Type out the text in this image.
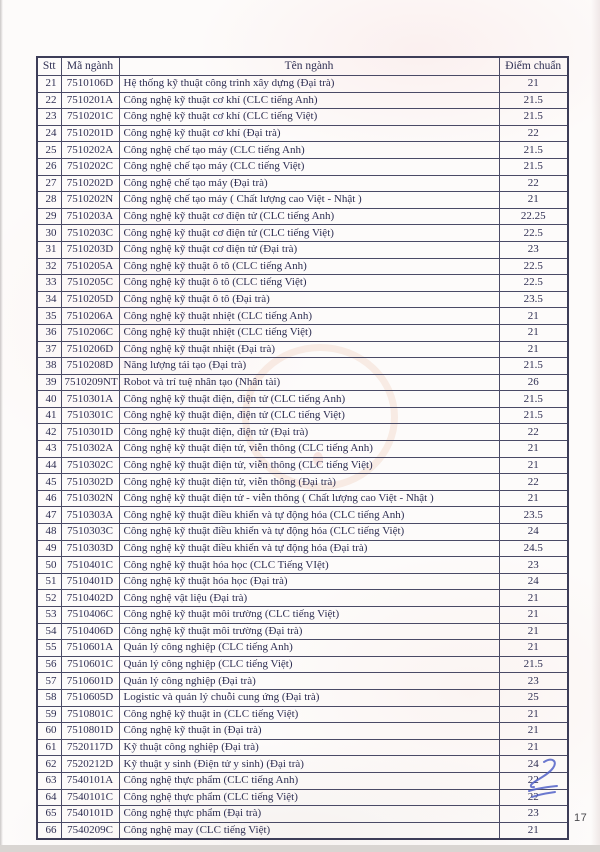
Stt	Mã ngành	Tên ngành	Điểm chuẩn
21	7510106D	Hệ thống kỹ thuật công trình xây dựng (Đại trà)	21
22	7510201A	Công nghệ kỹ thuật cơ khí (CLC tiếng Anh)	21.5
23	7510201C	Công nghệ kỹ thuật cơ khí (CLC tiếng Việt)	21.5
24	7510201D	Công nghệ kỹ thuật cơ khí (Đại trà)	22
25	7510202A	Công nghệ chế tạo máy (CLC tiếng Anh)	21.5
26	7510202C	Công nghệ chế tạo máy (CLC tiếng Việt)	21.5
27	7510202D	Công nghệ chế tạo máy (Đại trà)	22
28	7510202N	Công nghệ chế tạo máy ( Chất lượng cao Việt - Nhật )	21
29	7510203A	Công nghệ kỹ thuật cơ điện tử (CLC tiếng Anh)	22.25
30	7510203C	Công nghệ kỹ thuật cơ điện tử (CLC tiếng Việt)	22.5
31	7510203D	Công nghệ kỹ thuật cơ điện tử (Đại trà)	23
32	7510205A	Công nghệ kỹ thuật ô tô (CLC tiếng Anh)	22.5
33	7510205C	Công nghệ kỹ thuật ô tô (CLC tiếng Việt)	22.5
34	7510205D	Công nghệ kỹ thuật ô tô (Đại trà)	23.5
35	7510206A	Công nghệ kỹ thuật nhiệt (CLC tiếng Anh)	21
36	7510206C	Công nghệ kỹ thuật nhiệt (CLC tiếng Việt)	21
37	7510206D	Công nghệ kỹ thuật nhiệt (Đại trà)	21
38	7510208D	Năng lượng tái tạo (Đại trà)	21.5
39	7510209NT	Robot và trí tuệ nhân tạo (Nhân tài)	26
40	7510301A	Công nghệ kỹ thuật điện, điện tử (CLC tiếng Anh)	21.5
41	7510301C	Công nghệ kỹ thuật điện, điện tử (CLC tiếng Việt)	21.5
42	7510301D	Công nghệ kỹ thuật điện, điện tử (Đại trà)	22
43	7510302A	Công nghệ kỹ thuật điện tử, viễn thông (CLC tiếng Anh)	21
44	7510302C	Công nghệ kỹ thuật điện tử, viễn thông (CLC tiếng Việt)	21
45	7510302D	Công nghệ kỹ thuật điện tử, viễn thông (Đại trà)	22
46	7510302N	Công nghệ kỹ thuật điện tử - viễn thông ( Chất lượng cao Việt - Nhật )	21
47	7510303A	Công nghệ kỹ thuật điều khiển và tự động hóa (CLC tiếng Anh)	23.5
48	7510303C	Công nghệ kỹ thuật điều khiển và tự động hóa (CLC tiếng Việt)	24
49	7510303D	Công nghệ kỹ thuật điều khiển và tự động hóa (Đại trà)	24.5
50	7510401C	Công nghệ kỹ thuật hóa học (CLC Tiếng VIệt)	23
51	7510401D	Công nghệ kỹ thuật hóa học (Đại trà)	24
52	7510402D	Công nghệ vật liệu (Đại trà)	21
53	7510406C	Công nghệ kỹ thuật môi trường (CLC tiếng Việt)	21
54	7510406D	Công nghệ kỹ thuật môi trường (Đại trà)	21
55	7510601A	Quản lý công nghiệp (CLC tiếng Anh)	21
56	7510601C	Quản lý công nghiệp (CLC tiếng Việt)	21.5
57	7510601D	Quản lý công nghiệp (Đại trà)	23
58	7510605D	Logistic và quản lý chuỗi cung ứng (Đại trà)	25
59	7510801C	Công nghệ kỹ thuật in (CLC tiếng Việt)	21
60	7510801D	Công nghệ kỹ thuật in (Đại trà)	21
61	7520117D	Kỹ thuật công nghiệp (Đại trà)	21
62	7520212D	Kỹ thuật y sinh (Điện tử y sinh) (Đại trà)	24
63	7540101A	Công nghệ thực phẩm (CLC tiếng Anh)	22
64	7540101C	Công nghệ thực phẩm (CLC tiếng Việt)	22
65	7540101D	Công nghệ thực phẩm (Đại trà)	23
66	7540209C	Công nghệ may (CLC tiếng Việt)	21
17
